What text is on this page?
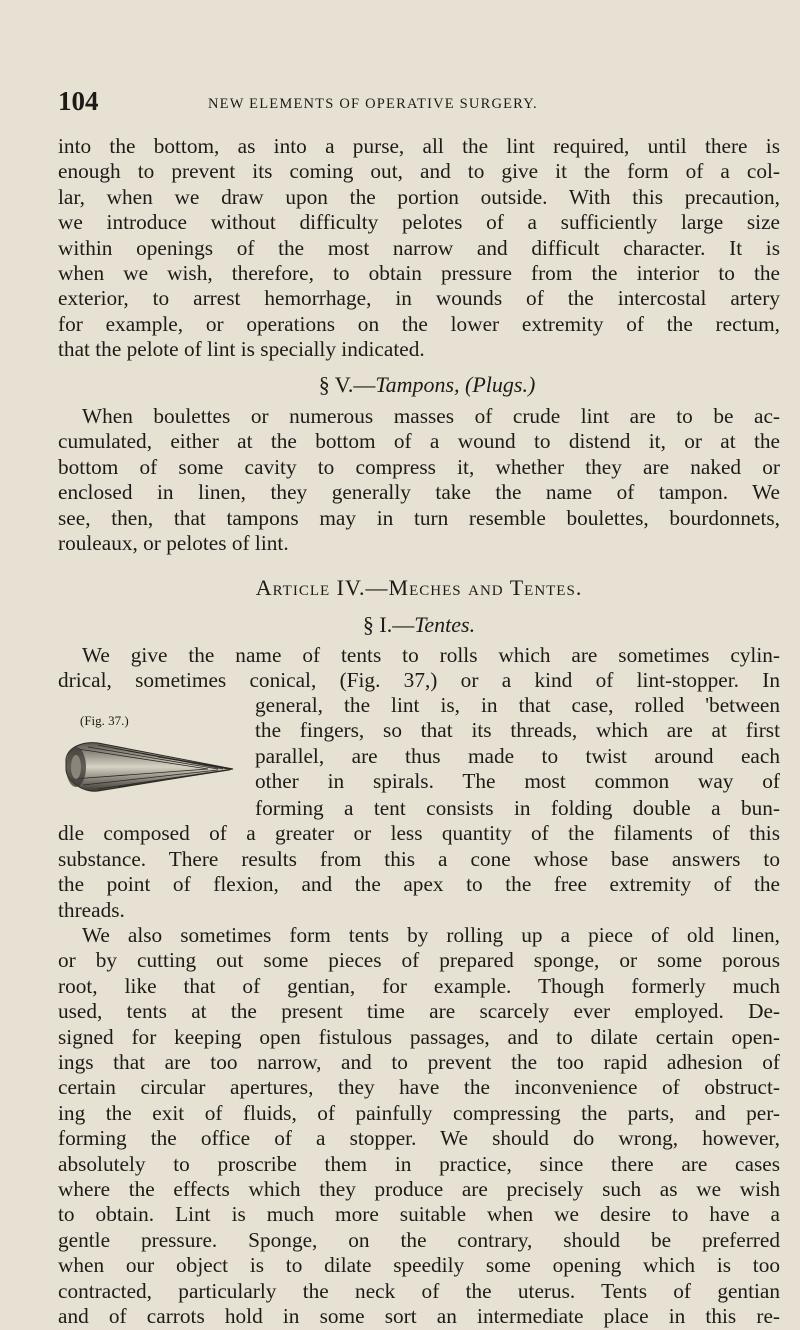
104	NEW ELEMENTS OF OPERATIVE SURGERY.
into the bottom, as into a purse, all the lint required, until there is
enough to prevent its coming out, and to give it the form of a col-
lar, when we draw upon the portion outside. With this precaution,
we introduce without difficulty pelotes of a sufficiently large size
within openings of the most narrow and difficult character. It is
when we wish, therefore, to obtain pressure from the interior to the
exterior, to arrest hemorrhage, in wounds of the intercostal artery
for example, or operations on the lower extremity of the rectum,
that the pelote of lint is specially indicated.
§ V.—Tampons, (Plugs.)
When boulettes or numerous masses of crude lint are to be ac-
cumulated, either at the bottom of a wound to distend it, or at the
bottom of some cavity to compress it, whether they are naked or
enclosed in linen, they generally take the name of tampon. We
see, then, that tampons may in turn resemble boulettes, bourdonnets,
rouleaux, or pelotes of lint.
Article IV.—Meches and Tentes.
§ I.—Tentes.
We give the name of tents to rolls which are sometimes cylin-
drical, sometimes conical, (Fig. 37,) or a kind of lint-stopper. In
(Fig. 37.)
general, the lint is, in that case, rolled 'between
the fingers, so that its threads, which are at first
parallel, are thus made to twist around each
other in spirals. The most common way of
forming a tent consists in folding double a bun-
dle composed of a greater or less quantity of the filaments of this
substance. There results from this a cone whose base answers to
the point of flexion, and the apex to the free extremity of the
threads.
We also sometimes form tents by rolling up a piece of old linen,
or by cutting out some pieces of prepared sponge, or some porous
root, like that of gentian, for example. Though formerly much
used, tents at the present time are scarcely ever employed. De-
signed for keeping open fistulous passages, and to dilate certain open-
ings that are too narrow, and to prevent the too rapid adhesion of
certain circular apertures, they have the inconvenience of obstruct-
ing the exit of fluids, of painfully compressing the parts, and per-
forming the office of a stopper. We should do wrong, however,
absolutely to proscribe them in practice, since there are cases
where the effects which they produce are precisely such as we wish
to obtain. Lint is much more suitable when we desire to have a
gentle pressure. Sponge, on the contrary, should be preferred
when our object is to dilate speedily some opening which is too
contracted, particularly the neck of the uterus. Tents of gentian
and of carrots hold in some sort an intermediate place in this re-
